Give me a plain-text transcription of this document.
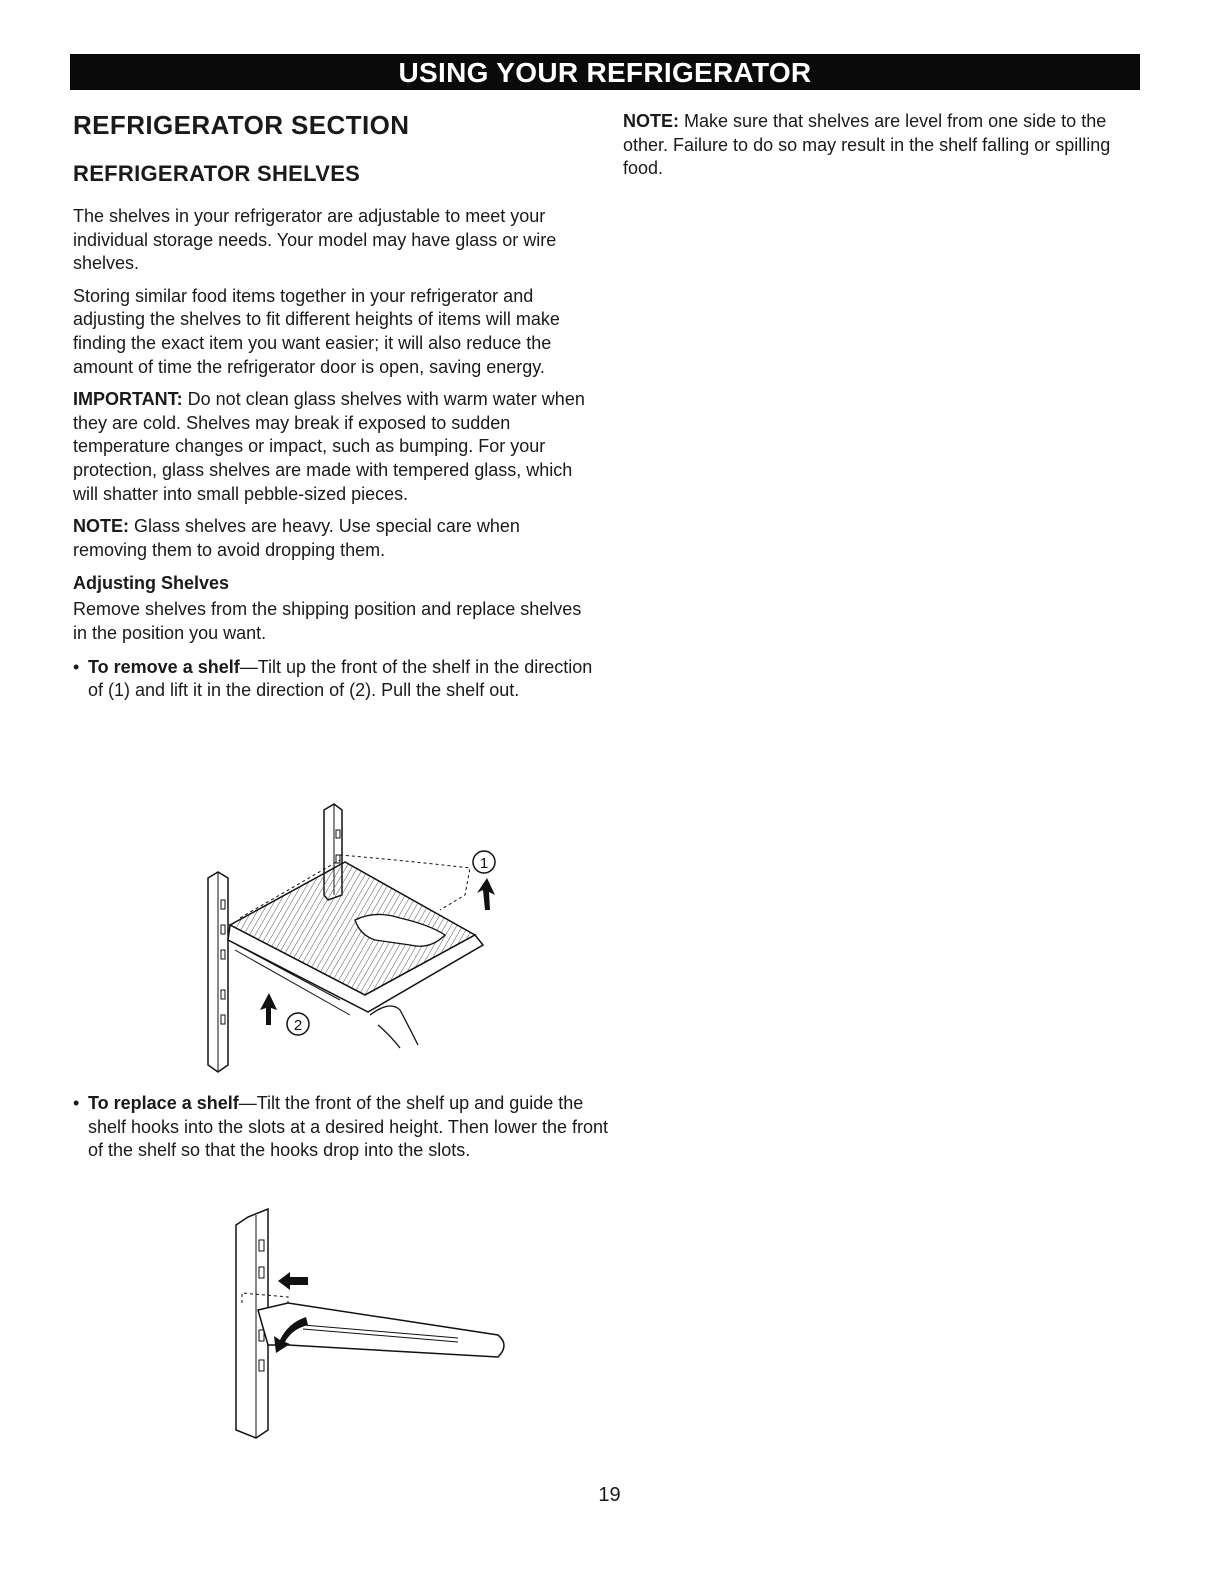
USING YOUR REFRIGERATOR
REFRIGERATOR SECTION
REFRIGERATOR SHELVES

The shelves in your refrigerator are adjustable to meet your individual storage needs. Your model may have glass or wire shelves.

Storing similar food items together in your refrigerator and adjusting the shelves to fit different heights of items will make finding the exact item you want easier; it will also reduce the amount of time the refrigerator door is open, saving energy.

IMPORTANT: Do not clean glass shelves with warm water when they are cold. Shelves may break if exposed to sudden temperature changes or impact, such as bumping. For your protection, glass shelves are made with tempered glass, which will shatter into small pebble-sized pieces.

NOTE: Glass shelves are heavy. Use special care when removing them to avoid dropping them.

Adjusting Shelves

Remove shelves from the shipping position and replace shelves in the position you want.

• To remove a shelf—Tilt up the front of the shelf in the direction of (1) and lift it in the direction of (2). Pull the shelf out.
1
2
• To replace a shelf—Tilt the front of the shelf up and guide the shelf hooks into the slots at a desired height. Then lower the front of the shelf so that the hooks drop into the slots.

NOTE: Make sure that shelves are level from one side to the other. Failure to do so may result in the shelf falling or spilling food.

19
